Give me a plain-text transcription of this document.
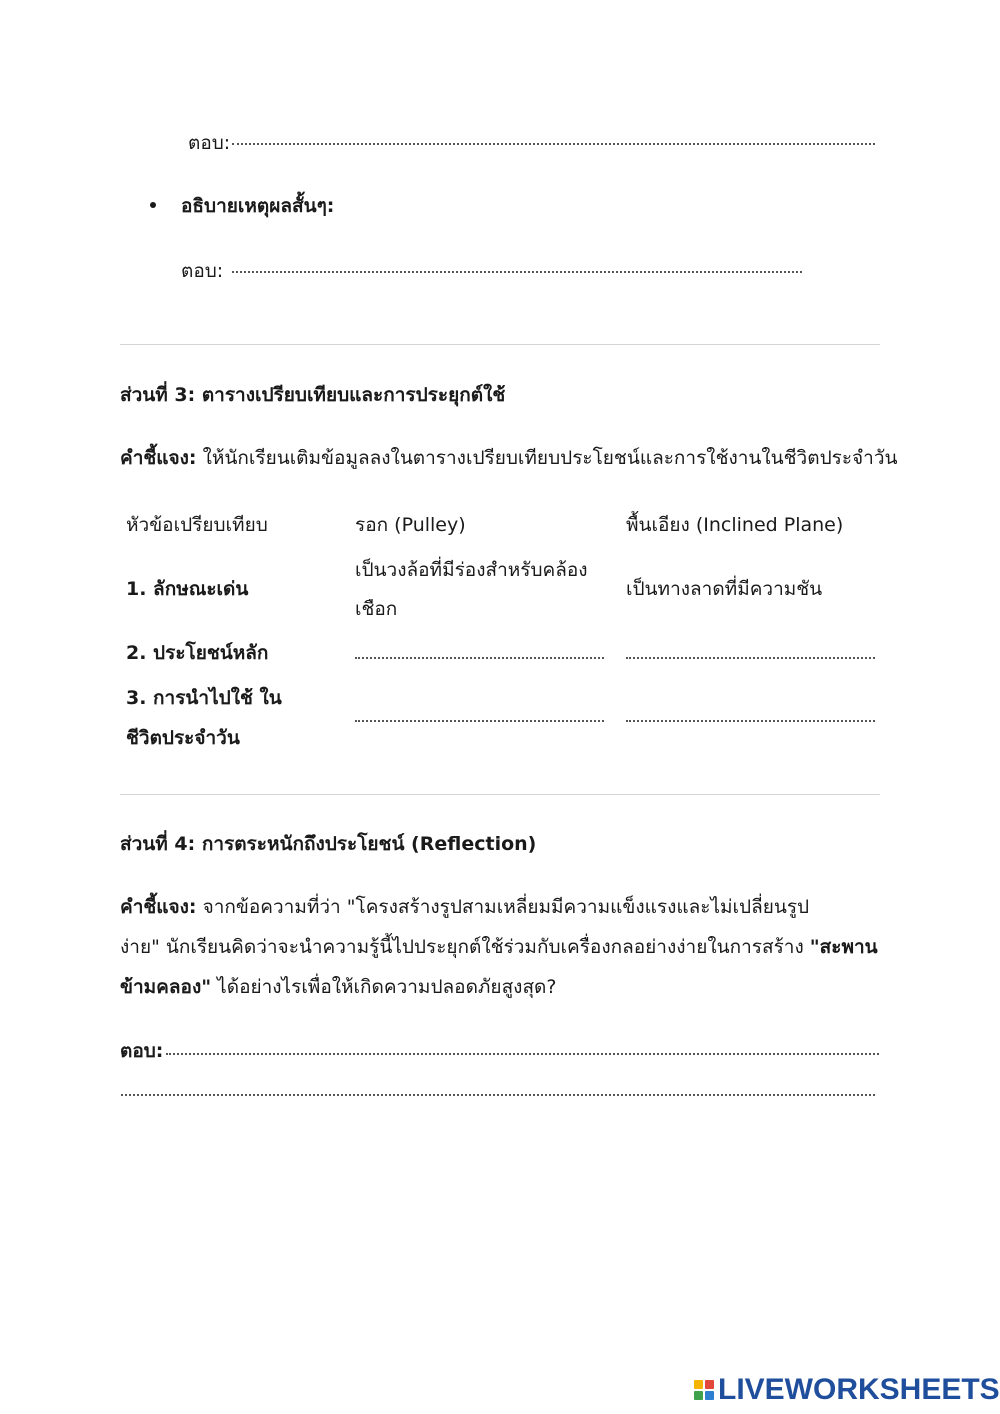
ตอบ:
อธิบายเหตุผลสั้นๆ:
ตอบ:
ส่วนที่ 3: ตารางเปรียบเทียบและการประยุกต์ใช้
คำชี้แจง: ให้นักเรียนเติมข้อมูลลงในตารางเปรียบเทียบประโยชน์และการใช้งานในชีวิตประจำวัน
หัวข้อเปรียบเทียบ	รอก (Pulley)	พื้นเอียง (Inclined Plane)
1. ลักษณะเด่น
เป็นวงล้อที่มีร่องสำหรับคล้อง
เชือก
เป็นทางลาดที่มีความชัน
2. ประโยชน์หลัก
3. การนำไปใช้ ใน
ชีวิตประจำวัน
ส่วนที่ 4: การตระหนักถึงประโยชน์ (Reflection)
คำชี้แจง: จากข้อความที่ว่า "โครงสร้างรูปสามเหลี่ยมมีความแข็งแรงและไม่เปลี่ยนรูป
ง่าย" นักเรียนคิดว่าจะนำความรู้นี้ไปประยุกต์ใช้ร่วมกับเครื่องกลอย่างง่ายในการสร้าง "สะพาน
ข้ามคลอง" ได้อย่างไรเพื่อให้เกิดความปลอดภัยสูงสุด?
ตอบ:
LIVEWORKSHEETS
